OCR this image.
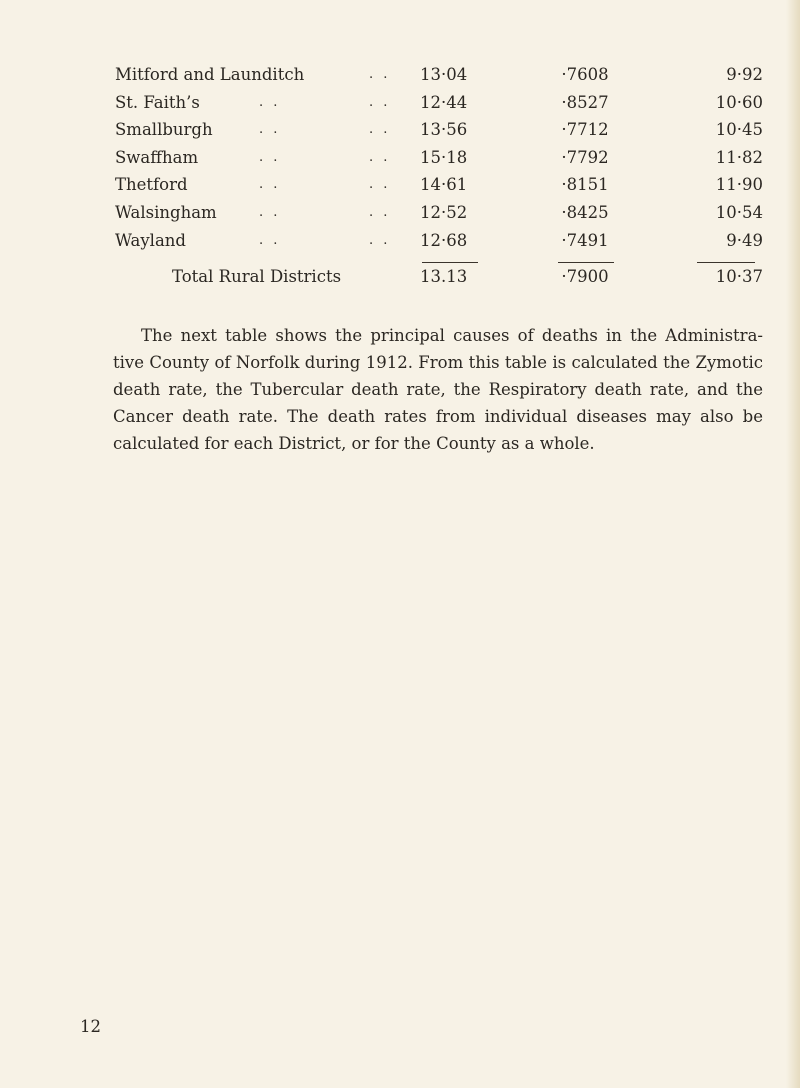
Mitford and Launditch	. . 13·04	·7608	9·92
St. Faith’s	. .	. . 12·44	·8527	10·60
Smallburgh	. .	. . 13·56	·7712	10·45
Swaffham	. .	. . 15·18	·7792	11·82
Thetford	. .	. . 14·61	·8151	11·90
Walsingham	. .	. . 12·52	·8425	10·54
Wayland	. .	. . 12·68	·7491	9·49
Total Rural Districts	13.13	·7900	10·37

The next table shows the principal causes of deaths in the Administra- tive County of Norfolk during 1912. From this table is calculated the Zymotic death rate, the Tubercular death rate, the Respiratory death rate, and the Cancer death rate. The death rates from individual diseases may also be calculated for each District, or for the County as a whole.

12
